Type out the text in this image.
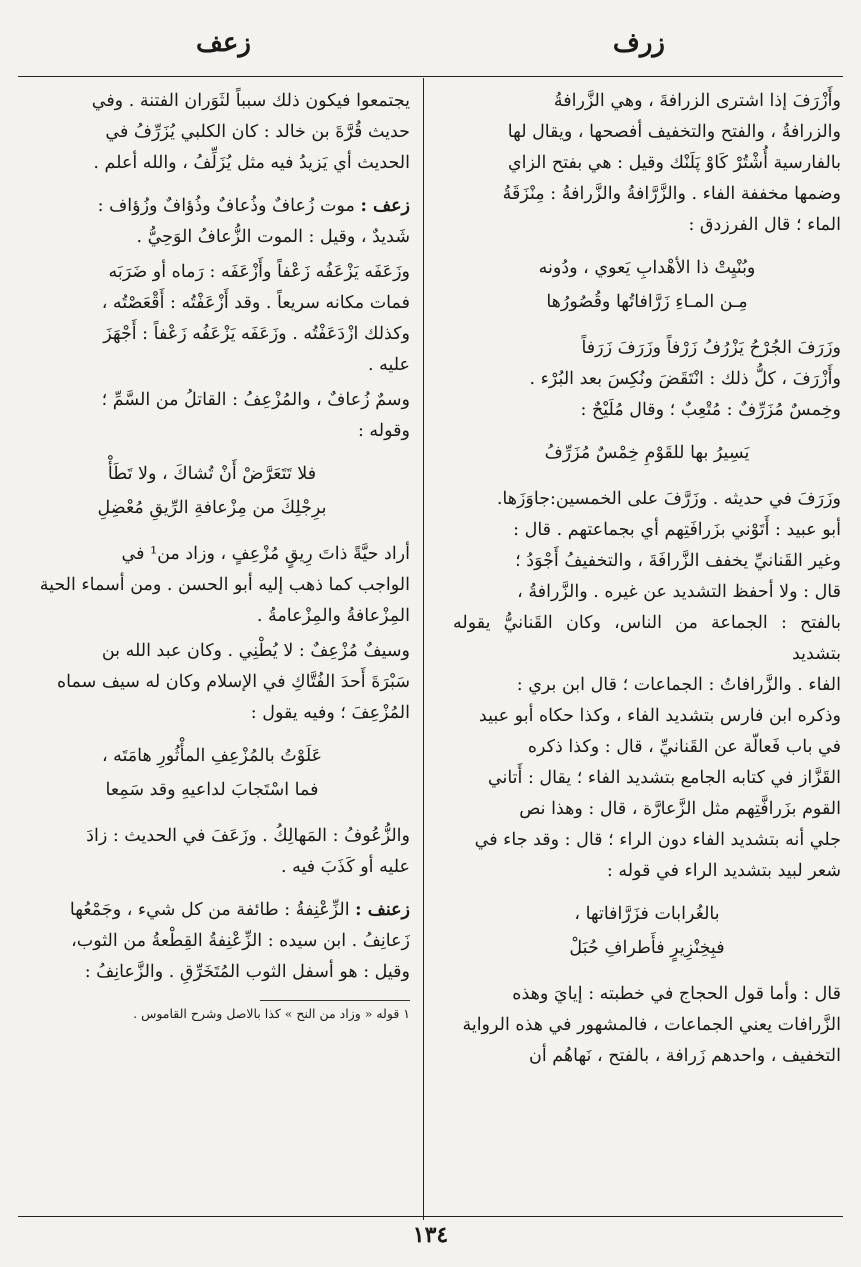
زرف
زعف

وأَزْرَفَ إذا اشترى الزرافةَ ، وهي الزَّرافةُ

والزرافةُ ، والفتح والتخفيف أفصحها ، ويقال لها

بالفارسية أُشْتُرْ كَاوْ پَلَنْك وقيل : هي بفتح الزاي

وضمها مخففة الفاء . والزَّرَّافةُ والزَّرافةُ : مِنْزَقَةُ

الماء ؛ قال الفرزدق :

وبُنْيِتْ ذا الأهْدابِ يَعوي ، ودُونه
مِـن المـاءِ زَرَّافاتُها وقُصُورُها

وزَرَفَ الجُرْحُ يَزْرُفُ زَرْفاً وزَرَفَ زَرَفاً

وأَزْرَفَ ، كلُّ ذلك : انْتَقَضَ ونُكِسَ بعد البُرْء .

وخِمسٌ مُزَرِّفٌ : مُتْعِبٌ ؛ وقال مُلَيْحٌ :

يَسِيرُ بها للقَوْمِ خِمْسٌ مُزَرِّفُ

وزَرَفَ في حديثه . وزَرَّفَ على الخمسين:جاوَزَها.

أبو عبيد : أَتَوْني بزَرافَتِهم أي بجماعتهم . قال :

وغير القَنانيِّ يخفف الزَّرافَةَ ، والتخفيفُ أَجْوَدُ ؛

قال : ولا أحفظ التشديد عن غيره . والزَّرافةُ ،

بالفتح : الجماعة من الناس، وكان القَنانيُّ يقوله بتشديد

الفاء . والزَّرافاتُ : الجماعات ؛ قال ابن بري :

وذكره ابن فارس بتشديد الفاء ، وكذا حكاه أبو عبيد

في باب فَعالّة عن القَنانيِّ ، قال : وكذا ذكره

القَزَّاز في كتابه الجامع بتشديد الفاء ؛ يقال : أَتاني

القوم بزَرافَّتِهم مثل الزَّعارَّة ، قال : وهذا نص

جلي أنه بتشديد الفاء دون الراء ؛ قال : وقد جاء في

شعر لبيد بتشديد الراء في قوله :

بالغُرابات فزَرَّافاتها ،
فبِخِنْزِيرٍ فأَطرافِ حُبَلْ

قال : وأما قول الحجاج في خطبته : إيايَ وهذه

الزَّرافات يعني الجماعات ، فالمشهور في هذه الرواية

التخفيف ، واحدهم زَرافة ، بالفتح ، نَهاهُم أن

يجتمعوا فيكون ذلك سبباً لثَوَران الفتنة . وفي

حديث قُرَّةَ بن خالد : كان الكلبي يُزَرِّفُ في

الحديث أي يَزيدُ فيه مثل يُزَلِّفُ ، والله أعلم .

زعف : موت زُعافٌ وذُعافٌ وذُؤافٌ وزُؤاف :

شَديدٌ ، وقيل : الموت الزُّعافُ الوَحِيُّ .

وزَعَفَه يَزْعَفُه زَعْفاً وأَزْعَفَه : رَماه أو ضَرَبَه

فمات مكانه سريعاً . وقد أَزْعَفْتُه : أَقْعَصْتُه ،

وكذلك ازْدَعَفْتُه . وزَعَفَه يَزْعَفُه زَعْفاً : أَجْهَزَ

عليه .

وسمٌ زُعافٌ ، والمُزْعِفُ : القاتلُ من السَّمِّ ؛

وقوله :

فلا تَتَعَرَّضْ أَنْ تُشاكَ ، ولا تَطَأْ
برِجْلِكَ من مِزْعافةِ الرِّيقِ مُعْضِلِ

أراد حيَّةً ذاتَ رِيقٍ مُزْعِفٍ ، وزاد من¹ في

الواجب كما ذهب إليه أبو الحسن . ومن أسماء الحية

المِزْعافةُ والمِزْعامةُ .

وسيفٌ مُزْعِفٌ : لا يُطْنِي . وكان عبد الله بن

سَبْرَةَ أَحدَ الفُتَّاكِ في الإسلام وكان له سيف سماه

المُزْعِفَ ؛ وفيه يقول :

عَلَوْتُ بالمُزْعِفِ المأْثُورِ هامَتَه ،
فما اسْتَجابَ لداعيهِ وقد سَمِعا

والزُّعُوفُ : المَهالِكُ . وزَعَفَ في الحديث : زادَ

عليه أو كَذَبَ فيه .

زعنف : الزِّعْنِفةُ : طائفة من كل شيء ، وجَمْعُها

زَعانِفُ . ابن سيده : الزِّعْنِفةُ القِطْعةُ من الثوب،

وقيل : هو أسفل الثوب المُتَخَرِّقِ . والزَّعانِفُ :

١ قوله « وزاد من النح » كذا بالاصل وشرح القاموس .
١٣٤
